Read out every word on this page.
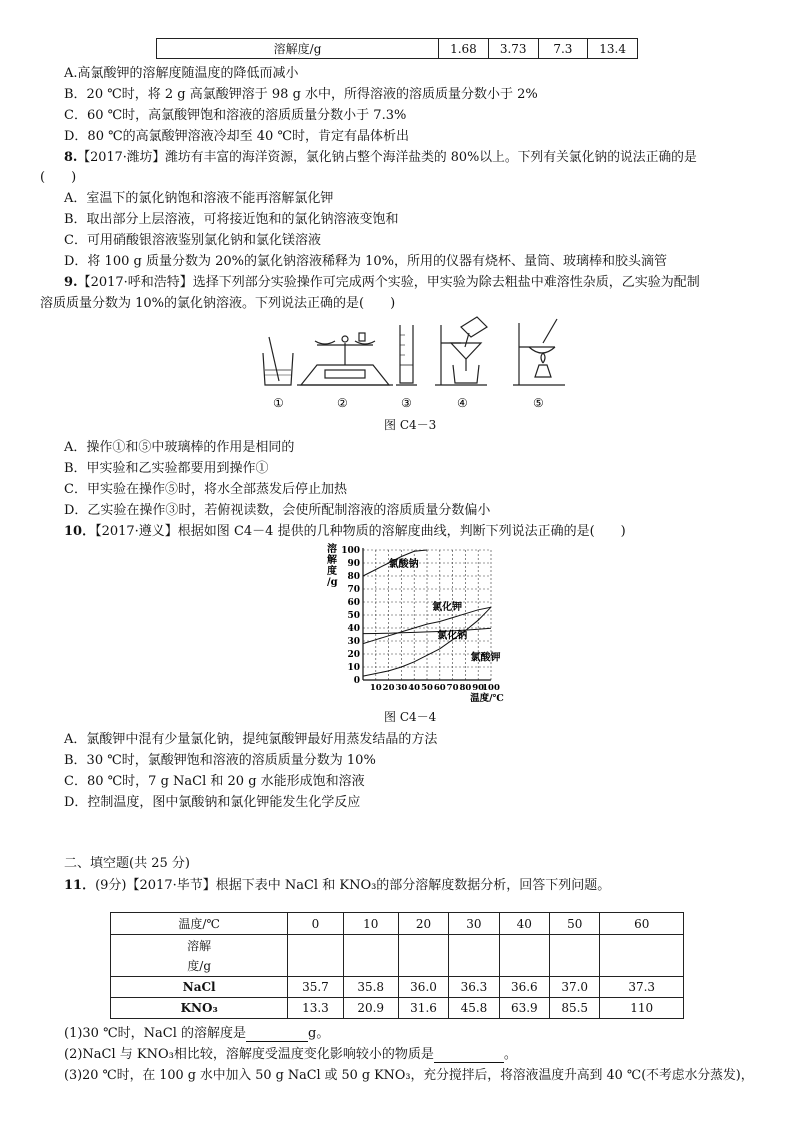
溶解度/g	1.68	3.73	7.3	13.4
A.高氯酸钾的溶解度随温度的降低而减小
B．20 ℃时，将 2 g 高氯酸钾溶于 98 g 水中，所得溶液的溶质质量分数小于 2%
C．60 ℃时，高氯酸钾饱和溶液的溶质质量分数小于 7.3%
D．80 ℃的高氯酸钾溶液冷却至 40 ℃时，肯定有晶体析出
8.【2017·潍坊】潍坊有丰富的海洋资源，氯化钠占整个海洋盐类的 80%以上。下列有关氯化钠的说法正确的是
(　　)
A．室温下的氯化钠饱和溶液不能再溶解氯化钾
B．取出部分上层溶液，可将接近饱和的氯化钠溶液变饱和
C．可用硝酸银溶液鉴别氯化钠和氯化镁溶液
D．将 100 g 质量分数为 20%的氯化钠溶液稀释为 10%，所用的仪器有烧杯、量筒、玻璃棒和胶头滴管
9.【2017·呼和浩特】选择下列部分实验操作可完成两个实验，甲实验为除去粗盐中难溶性杂质，乙实验为配制
溶质质量分数为 10%的氯化钠溶液。下列说法正确的是(　　)
①	②	③	④	⑤
图 C4－3
A．操作①和⑤中玻璃棒的作用是相同的
B．甲实验和乙实验都要用到操作①
C．甲实验在操作⑤时，将水全部蒸发后停止加热
D．乙实验在操作③时，若俯视读数，会使所配制溶液的溶质质量分数偏小
10．【2017·遵义】根据如图 C4－4 提供的几种物质的溶解度曲线，判断下列说法正确的是(　　)
溶
解
度
/g
0
10
20
30
40
50
60
70
80
90
100
10 20 30 40 50 60 70 80 90
100
温度/℃
氯酸钠
氯化钾
氯化钠
氯酸钾
图 C4－4
A．氯酸钾中混有少量氯化钠，提纯氯酸钾最好用蒸发结晶的方法
B．30 ℃时，氯酸钾饱和溶液的溶质质量分数为 10%
C．80 ℃时，7 g NaCl 和 20 g 水能形成饱和溶液
D．控制温度，图中氯酸钠和氯化钾能发生化学反应
二、填空题(共 25 分)
11．(9分)【2017·毕节】根据下表中 NaCl 和 KNO₃的部分溶解度数据分析，回答下列问题。
温度/℃	0	10	20	30	40	50	60
溶解
度/g							
NaCl	35.7	35.8	36.0	36.3	36.6	37.0	37.3
KNO₃	13.3	20.9	31.6	45.8	63.9	85.5	110
(1)30 ℃时，NaCl 的溶解度是	g。
(2)NaCl 与 KNO₃相比较，溶解度受温度变化影响较小的物质是	。
(3)20 ℃时，在 100 g 水中加入 50 g NaCl 或 50 g KNO₃，充分搅拌后，将溶液温度升高到 40 ℃(不考虑水分蒸发)，
